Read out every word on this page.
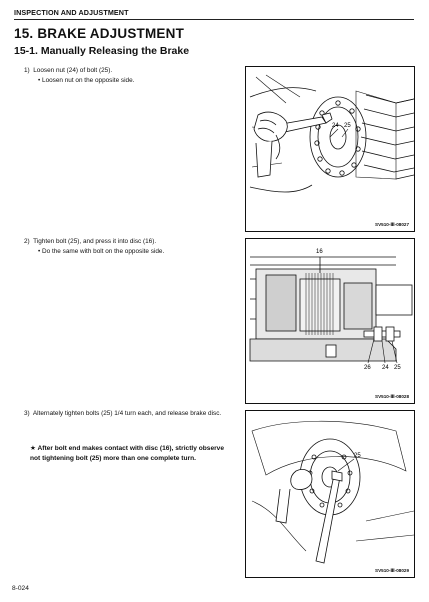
INSPECTION AND ADJUSTMENT
15. BRAKE ADJUSTMENT
15-1. Manually Releasing the Brake
1) Loosen nut (24) of bolt (25).
• Loosen nut on the opposite side.
2) Tighten bolt (25), and press it into disc (16).
• Do the same with bolt on the opposite side.
3) Alternately tighten bolts (25) 1/4 turn each, and release brake disc.
★ After bolt end makes contact with disc (16), strictly observe not tightening bolt (25) more than one complete turn.
24 25
SV510-Ⅲ-08027
16
26 24 25
SV510-Ⅲ-08028
25
SV510-Ⅲ-08029
8-024
